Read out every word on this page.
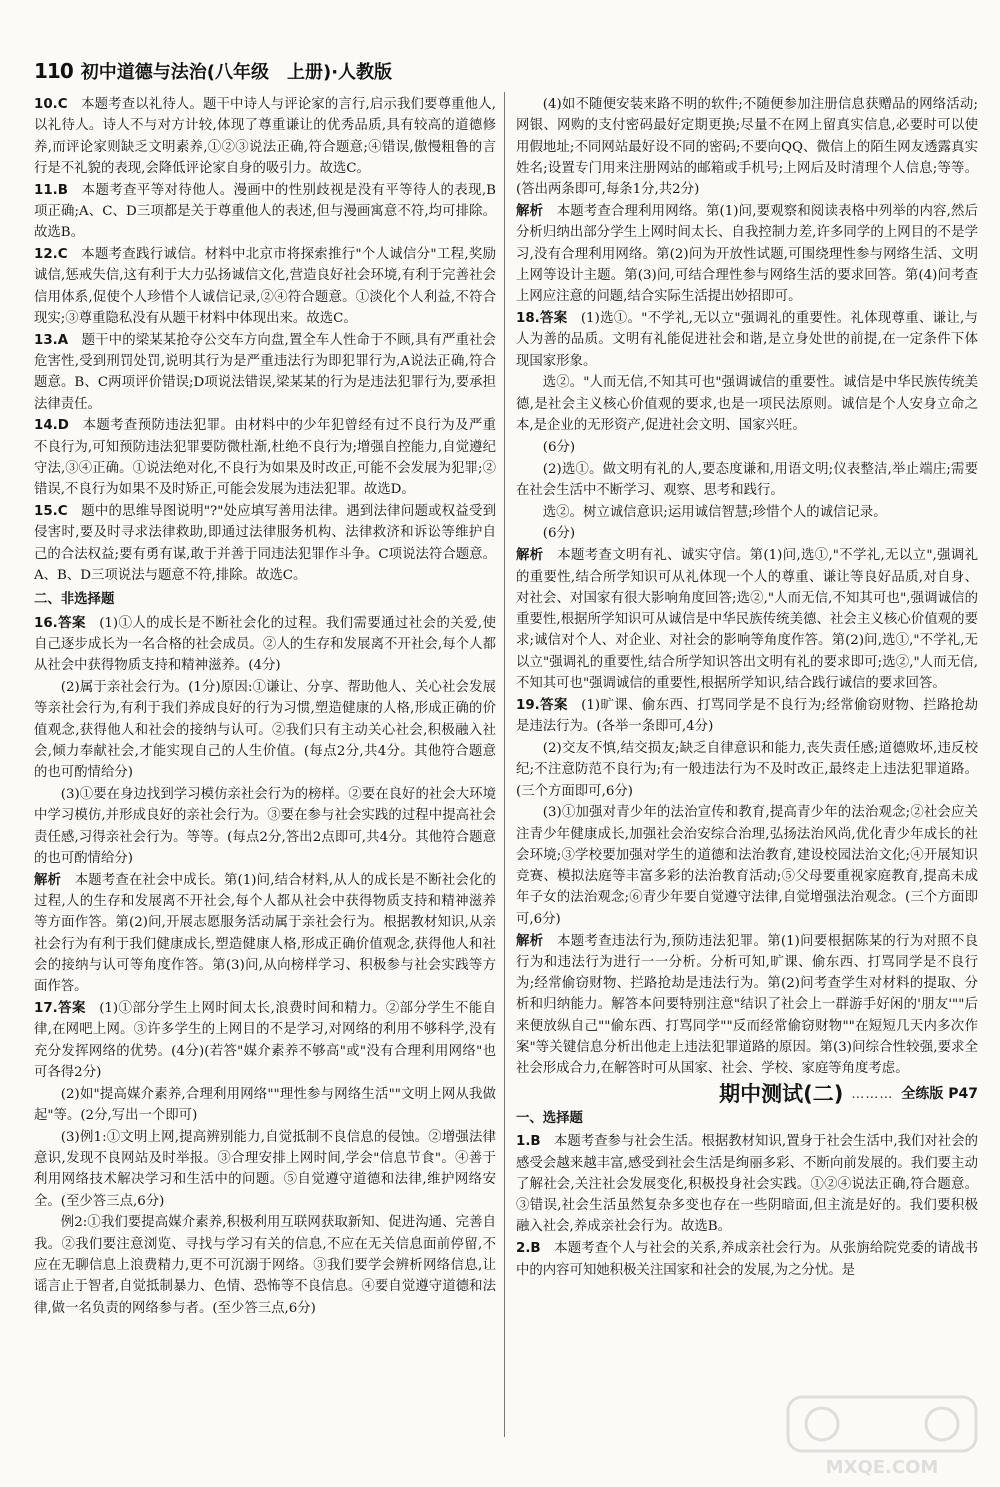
110 初中道德与法治(八年级　上册)·人教版
10.C  本题考查以礼待人。题干中诗人与评论家的言行,启示我们要尊重他人,以礼待人。诗人不与对方计较,体现了尊重谦让的优秀品质,具有较高的道德修养,而评论家则缺乏文明素养,①②③说法正确,符合题意;④错误,傲慢粗鲁的言行是不礼貌的表现,会降低评论家自身的吸引力。故选C。
11.B  本题考查平等对待他人。漫画中的性别歧视是没有平等待人的表现,B项正确;A、C、D三项都是关于尊重他人的表述,但与漫画寓意不符,均可排除。故选B。
12.C  本题考查践行诚信。材料中北京市将探索推行"个人诚信分"工程,奖励诚信,惩戒失信,这有利于大力弘扬诚信文化,营造良好社会环境,有利于完善社会信用体系,促使个人珍惜个人诚信记录,②④符合题意。①淡化个人利益,不符合现实;③尊重隐私没有从题干材料中体现出来。故选C。
13.A  题干中的梁某某抢夺公交车方向盘,置全车人性命于不顾,具有严重社会危害性,受到刑罚处罚,说明其行为是严重违法行为即犯罪行为,A说法正确,符合题意。B、C两项评价错误;D项说法错误,梁某某的行为是违法犯罪行为,要承担法律责任。
14.D  本题考查预防违法犯罪。由材料中的少年犯曾经有过不良行为及严重不良行为,可知预防违法犯罪要防微杜渐,杜绝不良行为;增强自控能力,自觉遵纪守法,③④正确。①说法绝对化,不良行为如果及时改正,可能不会发展为犯罪;②错误,不良行为如果不及时矫正,可能会发展为违法犯罪。故选D。
15.C  题中的思维导图说明"?"处应填写善用法律。遇到法律问题或权益受到侵害时,要及时寻求法律救助,即通过法律服务机构、法律救济和诉讼等维护自己的合法权益;要有勇有谋,敢于并善于同违法犯罪作斗争。C项说法符合题意。A、B、D三项说法与题意不符,排除。故选C。
二、非选择题
16.答案  (1)①人的成长是不断社会化的过程。我们需要通过社会的关爱,使自己逐步成长为一名合格的社会成员。②人的生存和发展离不开社会,每个人都从社会中获得物质支持和精神滋养。(4分)
(2)属于亲社会行为。(1分)原因:①谦让、分享、帮助他人、关心社会发展等亲社会行为,有利于我们养成良好的行为习惯,塑造健康的人格,形成正确的价值观念,获得他人和社会的接纳与认可。②我们只有主动关心社会,积极融入社会,倾力奉献社会,才能实现自己的人生价值。(每点2分,共4分。其他符合题意的也可酌情给分)
(3)①要在身边找到学习模仿亲社会行为的榜样。②要在良好的社会大环境中学习模仿,并形成良好的亲社会行为。③要在参与社会实践的过程中提高社会责任感,习得亲社会行为。等等。(每点2分,答出2点即可,共4分。其他符合题意的也可酌情给分)
解析  本题考查在社会中成长。第(1)问,结合材料,从人的成长是不断社会化的过程,人的生存和发展离不开社会,每个人都从社会中获得物质支持和精神滋养等方面作答。第(2)问,开展志愿服务活动属于亲社会行为。根据教材知识,从亲社会行为有利于我们健康成长,塑造健康人格,形成正确价值观念,获得他人和社会的接纳与认可等角度作答。第(3)问,从向榜样学习、积极参与社会实践等方面作答。
17.答案  (1)①部分学生上网时间太长,浪费时间和精力。②部分学生不能自律,在网吧上网。③许多学生的上网目的不是学习,对网络的利用不够科学,没有充分发挥网络的优势。(4分)(若答"媒介素养不够高"或"没有合理利用网络"也可各得2分)
(2)如"提高媒介素养,合理利用网络""理性参与网络生活""文明上网从我做起"等。(2分,写出一个即可)
(3)例1:①文明上网,提高辨别能力,自觉抵制不良信息的侵蚀。②增强法律意识,发现不良网站及时举报。③合理安排上网时间,学会"信息节食"。④善于利用网络技术解决学习和生活中的问题。⑤自觉遵守道德和法律,维护网络安全。(至少答三点,6分)
例2:①我们要提高媒介素养,积极利用互联网获取新知、促进沟通、完善自我。②我们要注意浏览、寻找与学习有关的信息,不应在无关信息面前停留,不应在无聊信息上浪费精力,更不可沉溺于网络。③我们要学会辨析网络信息,让谣言止于智者,自觉抵制暴力、色情、恐怖等不良信息。④要自觉遵守道德和法律,做一名负责的网络参与者。(至少答三点,6分)
(4)如不随便安装来路不明的软件;不随便参加注册信息获赠品的网络活动;网银、网购的支付密码最好定期更换;尽量不在网上留真实信息,必要时可以使用假地址;不同网站最好设不同的密码;不要向QQ、微信上的陌生网友透露真实姓名;设置专门用来注册网站的邮箱或手机号;上网后及时清理个人信息;等等。(答出两条即可,每条1分,共2分)
解析  本题考查合理利用网络。第(1)问,要观察和阅读表格中列举的内容,然后分析归纳出部分学生上网时间太长、自我控制力差,许多同学的上网目的不是学习,没有合理利用网络。第(2)问为开放性试题,可围绕理性参与网络生活、文明上网等设计主题。第(3)问,可结合理性参与网络生活的要求回答。第(4)问考查上网应注意的问题,结合实际生活提出妙招即可。
18.答案  (1)选①。"不学礼,无以立"强调礼的重要性。礼体现尊重、谦让,与人为善的品质。文明有礼能促进社会和谐,是立身处世的前提,在一定条件下体现国家形象。
选②。"人而无信,不知其可也"强调诚信的重要性。诚信是中华民族传统美德,是社会主义核心价值观的要求,也是一项民法原则。诚信是个人安身立命之本,是企业的无形资产,促进社会文明、国家兴旺。
(6分)
(2)选①。做文明有礼的人,要态度谦和,用语文明;仪表整洁,举止端庄;需要在社会生活中不断学习、观察、思考和践行。
选②。树立诚信意识;运用诚信智慧;珍惜个人的诚信记录。
(6分)
解析  本题考查文明有礼、诚实守信。第(1)问,选①,"不学礼,无以立",强调礼的重要性,结合所学知识可从礼体现一个人的尊重、谦让等良好品质,对自身、对社会、对国家有很大影响角度回答;选②,"人而无信,不知其可也",强调诚信的重要性,根据所学知识可从诚信是中华民族传统美德、社会主义核心价值观的要求;诚信对个人、对企业、对社会的影响等角度作答。第(2)问,选①,"不学礼,无以立"强调礼的重要性,结合所学知识答出文明有礼的要求即可;选②,"人而无信,不知其可也"强调诚信的重要性,根据所学知识,结合践行诚信的要求回答。
19.答案  (1)旷课、偷东西、打骂同学是不良行为;经常偷窃财物、拦路抢劫是违法行为。(各举一条即可,4分)
(2)交友不慎,结交损友;缺乏自律意识和能力,丧失责任感;道德败坏,违反校纪;不注意防范不良行为;有一般违法行为不及时改正,最终走上违法犯罪道路。(三个方面即可,6分)
(3)①加强对青少年的法治宣传和教育,提高青少年的法治观念;②社会应关注青少年健康成长,加强社会治安综合治理,弘扬法治风尚,优化青少年成长的社会环境;③学校要加强对学生的道德和法治教育,建设校园法治文化;④开展知识竞赛、模拟法庭等丰富多彩的法治教育活动;⑤父母要重视家庭教育,提高未成年子女的法治观念;⑥青少年要自觉遵守法律,自觉增强法治观念。(三个方面即可,6分)
解析  本题考查违法行为,预防违法犯罪。第(1)问要根据陈某的行为对照不良行为和违法行为进行一一分析。分析可知,旷课、偷东西、打骂同学是不良行为;经常偷窃财物、拦路抢劫是违法行为。第(2)问考查学生对材料的提取、分析和归纳能力。解答本问要特别注意"结识了社会上一群游手好闲的'朋友'""后来便放纵自己""偷东西、打骂同学""反而经常偷窃财物""在短短几天内多次作案"等关键信息分析出他走上违法犯罪道路的原因。第(3)问综合性较强,要求全社会形成合力,在解答时可从国家、社会、学校、家庭等角度考虑。
期中测试(二) ……… 全练版 P47
一、选择题
1.B  本题考查参与社会生活。根据教材知识,置身于社会生活中,我们对社会的感受会越来越丰富,感受到社会生活是绚丽多彩、不断向前发展的。我们要主动了解社会,关注社会发展变化,积极投身社会实践。①②④说法正确,符合题意。③错误,社会生活虽然复杂多变也存在一些阴暗面,但主流是好的。我们要积极融入社会,养成亲社会行为。故选B。
2.B  本题考查个人与社会的关系,养成亲社会行为。从张旃给院党委的请战书中的内容可知她积极关注国家和社会的发展,为之分忧。是
MXQE.COM
